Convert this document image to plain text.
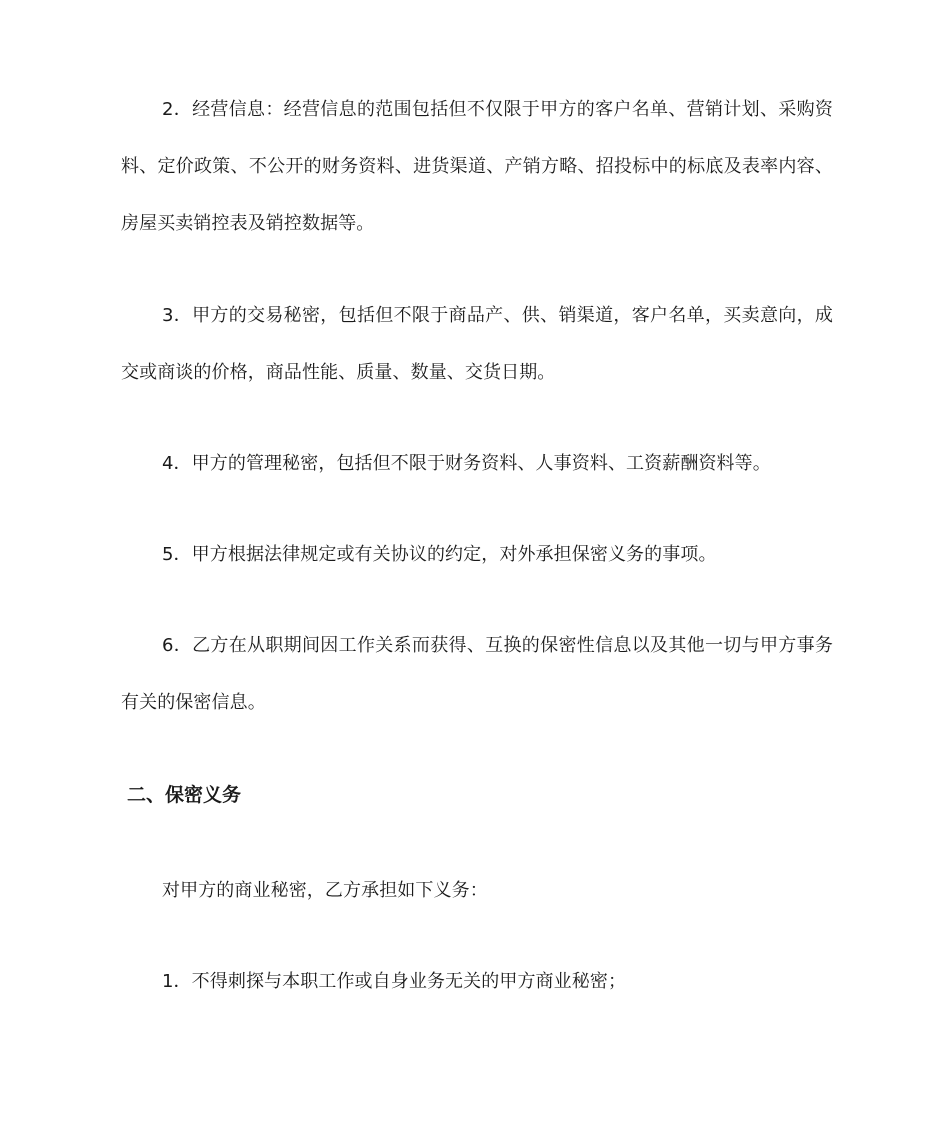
2．经营信息：经营信息的范围包括但不仅限于甲方的客户名单、营销计划、采购资料、定价政策、不公开的财务资料、进货渠道、产销方略、招投标中的标底及表率内容、房屋买卖销控表及销控数据等。

3．甲方的交易秘密，包括但不限于商品产、供、销渠道，客户名单，买卖意向，成交或商谈的价格，商品性能、质量、数量、交货日期。

4．甲方的管理秘密，包括但不限于财务资料、人事资料、工资薪酬资料等。

5．甲方根据法律规定或有关协议的约定，对外承担保密义务的事项。

6．乙方在从职期间因工作关系而获得、互换的保密性信息以及其他一切与甲方事务有关的保密信息。

二、保密义务

对甲方的商业秘密，乙方承担如下义务：

1．不得刺探与本职工作或自身业务无关的甲方商业秘密；
